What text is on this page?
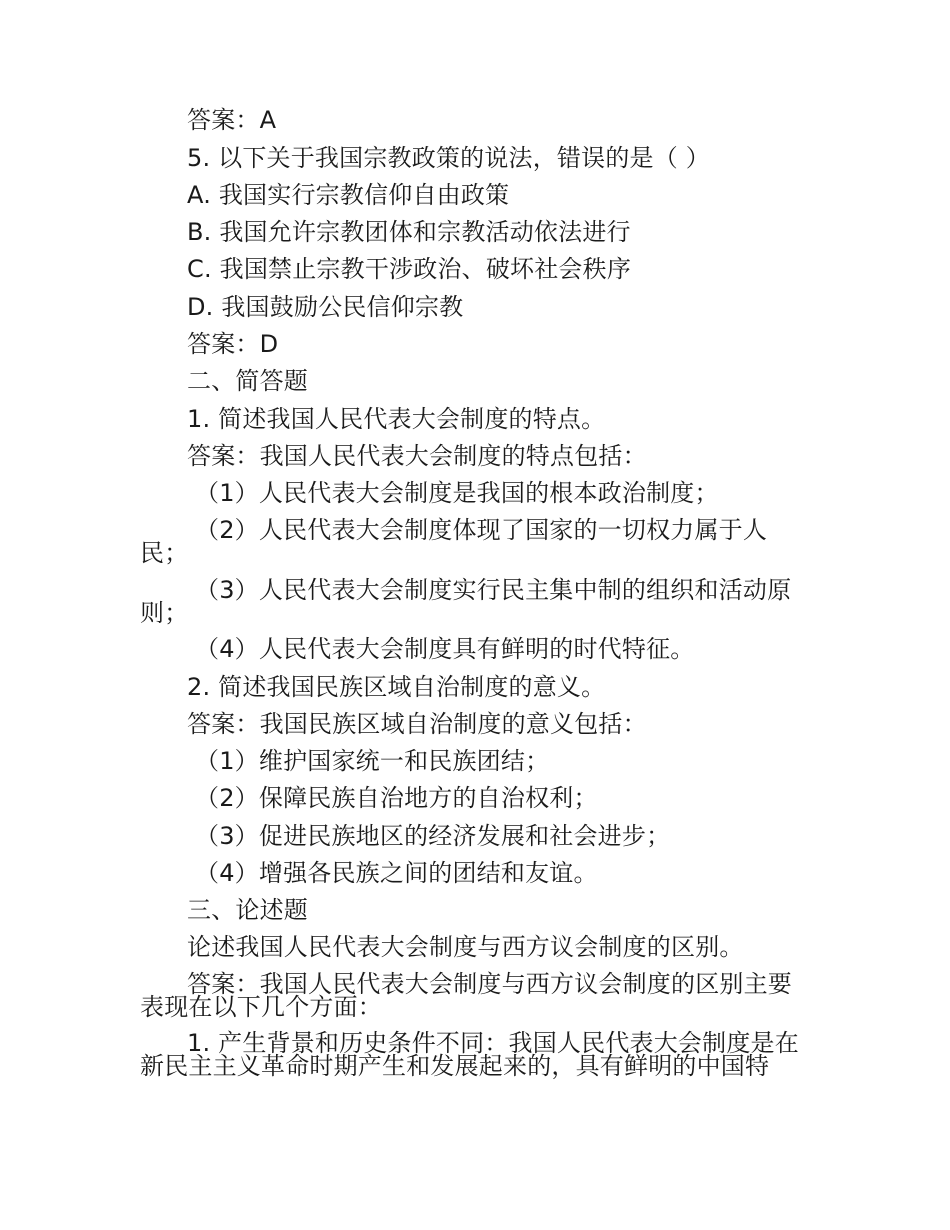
答案：A
5. 以下关于我国宗教政策的说法，错误的是（ ）
A. 我国实行宗教信仰自由政策
B. 我国允许宗教团体和宗教活动依法进行
C. 我国禁止宗教干涉政治、破坏社会秩序
D. 我国鼓励公民信仰宗教
答案：D
二、简答题
1. 简述我国人民代表大会制度的特点。
答案：我国人民代表大会制度的特点包括：
（1）人民代表大会制度是我国的根本政治制度；
（2）人民代表大会制度体现了国家的一切权力属于人
民；
（3）人民代表大会制度实行民主集中制的组织和活动原
则；
（4）人民代表大会制度具有鲜明的时代特征。
2. 简述我国民族区域自治制度的意义。
答案：我国民族区域自治制度的意义包括：
（1）维护国家统一和民族团结；
（2）保障民族自治地方的自治权利；
（3）促进民族地区的经济发展和社会进步；
（4）增强各民族之间的团结和友谊。
三、论述题
论述我国人民代表大会制度与西方议会制度的区别。
答案：我国人民代表大会制度与西方议会制度的区别主要
表现在以下几个方面：
1. 产生背景和历史条件不同：我国人民代表大会制度是在
新民主主义革命时期产生和发展起来的，具有鲜明的中国特
